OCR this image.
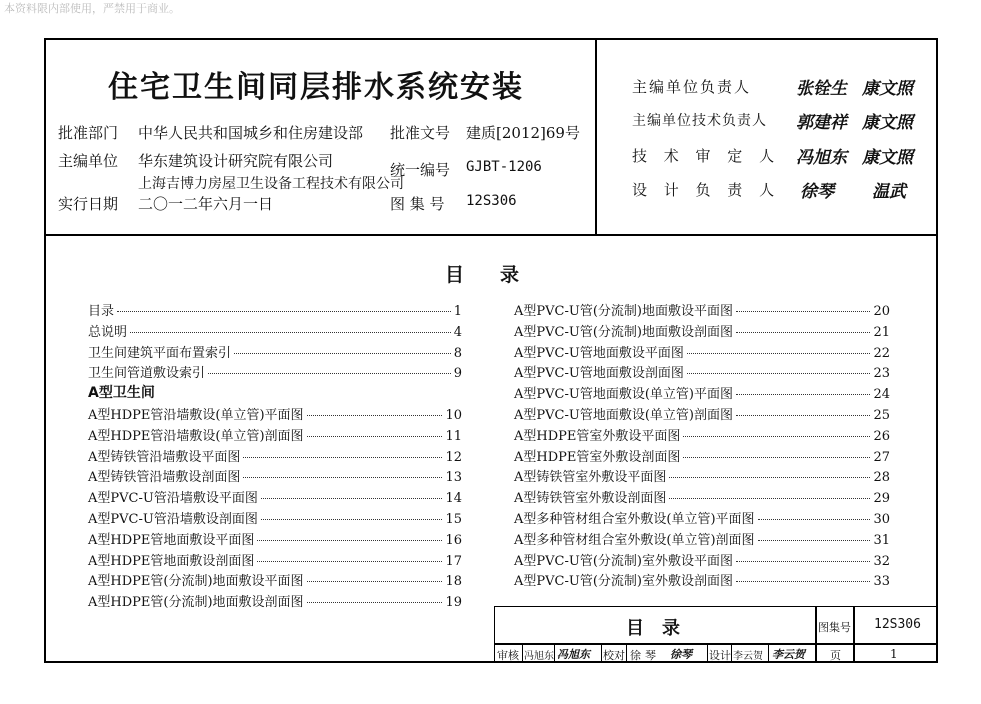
本资料限内部使用，严禁用于商业。
住宅卫生间同层排水系统安装
批准部门 中华人民共和国城乡和住房建设部 批准文号 建质[2012]69号
主编单位 华东建筑设计研究院有限公司
上海吉博力房屋卫生设备工程技术有限公司
统一编号 GJBT-1206
实行日期 二〇一二年六月一日	图 集 号 12S306
主编单位负责人	张铨生 康文照
主编单位技术负责人 郭建祥 康文照
技 术 审 定 人 冯旭东 康文照
设 计 负 责 人 徐琴 温武
目录
目录	1
总说明	4
卫生间建筑平面布置索引	8
卫生间管道敷设索引	9
A型卫生间
A型HDPE管沿墙敷设(单立管)平面图	10
A型HDPE管沿墙敷设(单立管)剖面图	11
A型铸铁管沿墙敷设平面图	12
A型铸铁管沿墙敷设剖面图	13
A型PVC-U管沿墙敷设平面图	14
A型PVC-U管沿墙敷设剖面图	15
A型HDPE管地面敷设平面图	16
A型HDPE管地面敷设剖面图	17
A型HDPE管(分流制)地面敷设平面图	18
A型HDPE管(分流制)地面敷设剖面图	19
A型PVC-U管(分流制)地面敷设平面图	20
A型PVC-U管(分流制)地面敷设剖面图	21
A型PVC-U管地面敷设平面图	22
A型PVC-U管地面敷设剖面图	23
A型PVC-U管地面敷设(单立管)平面图	24
A型PVC-U管地面敷设(单立管)剖面图	25
A型HDPE管室外敷设平面图	26
A型HDPE管室外敷设剖面图	27
A型铸铁管室外敷设平面图	28
A型铸铁管室外敷设剖面图	29
A型多种管材组合室外敷设(单立管)平面图	30
A型多种管材组合室外敷设(单立管)剖面图	31
A型PVC-U管(分流制)室外敷设平面图	32
A型PVC-U管(分流制)室外敷设剖面图	33
目录	图集号 12S306
审核 冯旭东 冯旭东 校对 徐琴 徐琴 设计 李云贺 李云贺 页	1
